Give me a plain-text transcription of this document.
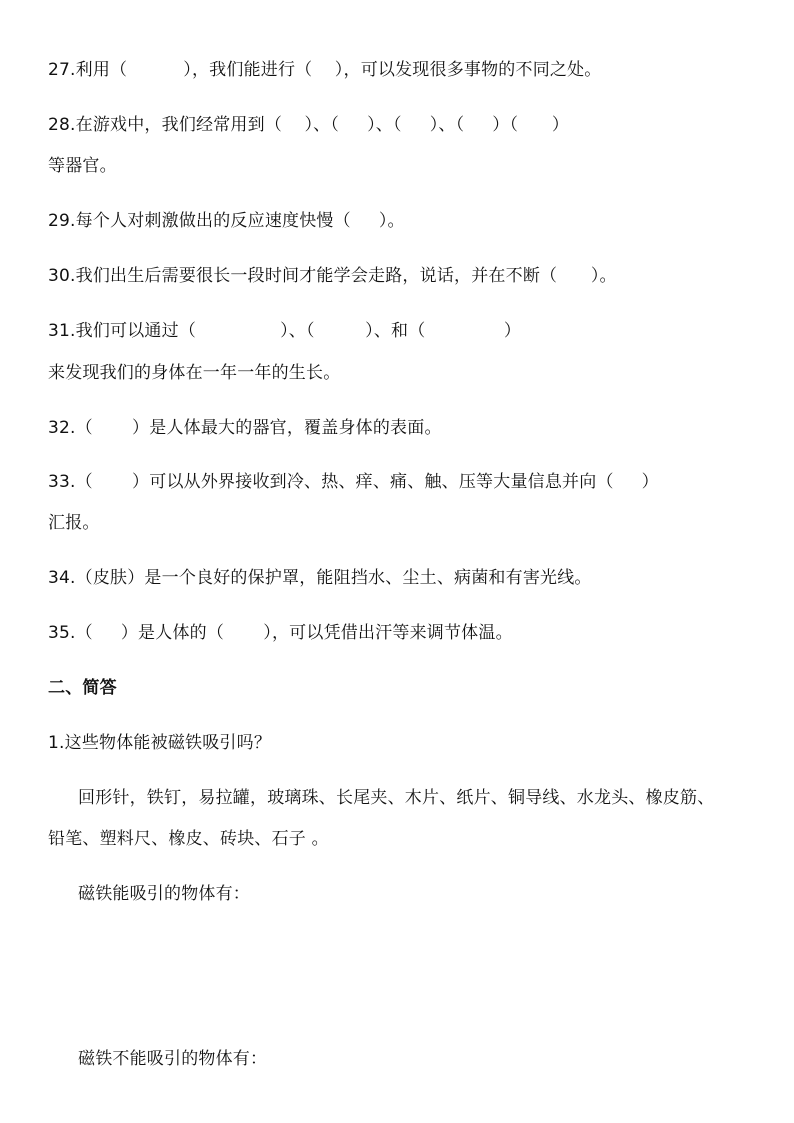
27.利用（          ），我们能进行（    ），可以发现很多事物的不同之处。
28.在游戏中，我们经常用到（    ）、（     ）、（     ）、（     ）（      ）
等器官。
29.每个人对刺激做出的反应速度快慢（     ）。
30.我们出生后需要很长一段时间才能学会走路，说话，并在不断（      ）。
31.我们可以通过（               ）、（         ）、和（              ）
来发现我们的身体在一年一年的生长。
32.（       ）是人体最大的器官，覆盖身体的表面。
33.（       ）可以从外界接收到冷、热、痒、痛、触、压等大量信息并向（     ）
汇报。
34.（皮肤）是一个良好的保护罩，能阻挡水、尘土、病菌和有害光线。
35.（     ）是人体的（       ），可以凭借出汗等来调节体温。
二、简答
1.这些物体能被磁铁吸引吗？
回形针，铁钉，易拉罐，玻璃珠、长尾夹、木片、纸片、铜导线、水龙头、橡皮筋、
铅笔、塑料尺、橡皮、砖块、石子 。
磁铁能吸引的物体有：
磁铁不能吸引的物体有：
